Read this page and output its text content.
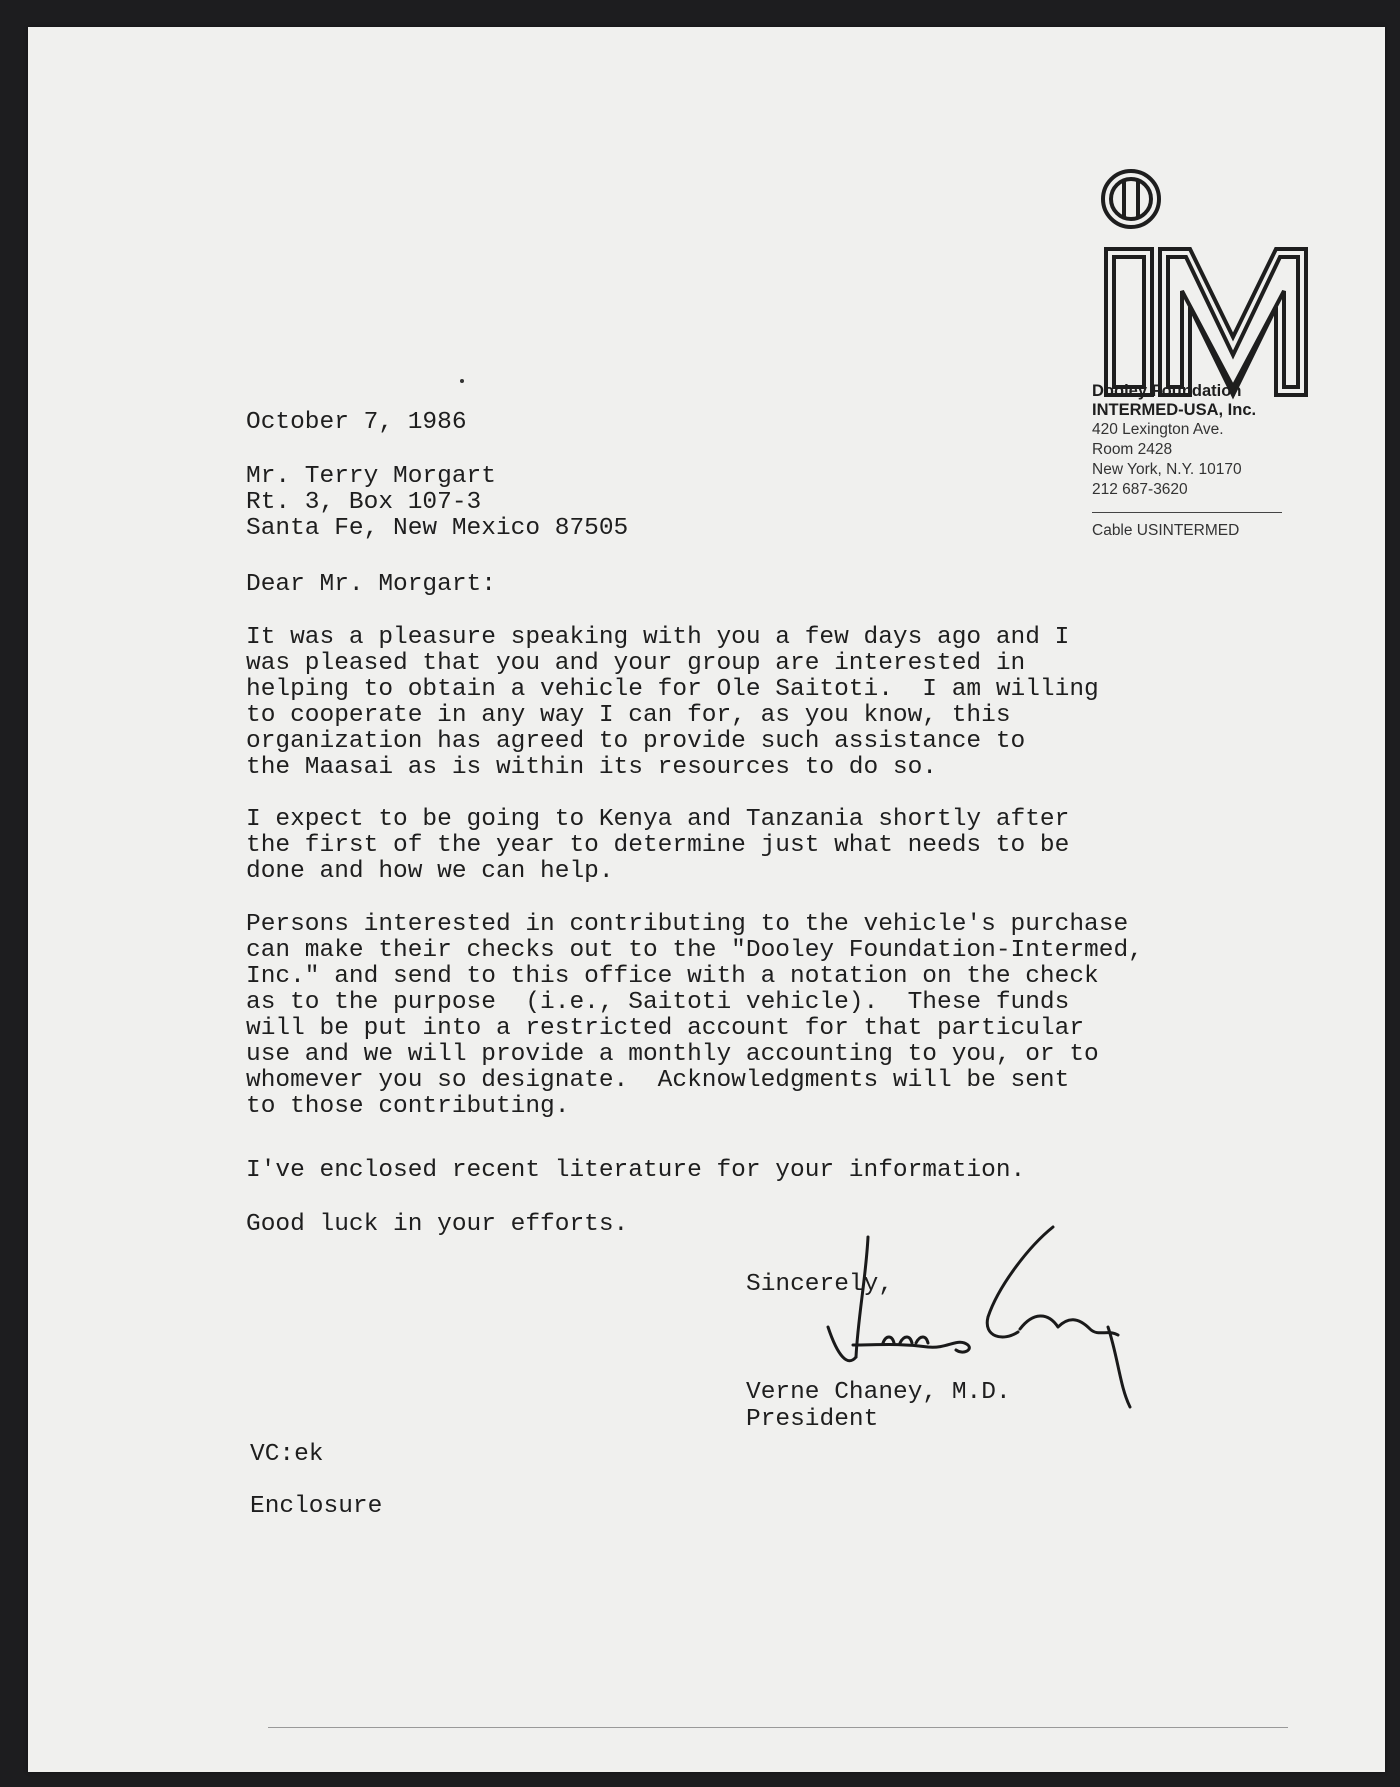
Dooley Foundation
INTERMED-USA, Inc.
420 Lexington Ave.
Room 2428
New York, N.Y. 10170
212 687-3620
Cable USINTERMED

October 7, 1986

Mr. Terry Morgart

Rt. 3, Box 107-3

Santa Fe, New Mexico 87505

Dear Mr. Morgart:

It was a pleasure speaking with you a few days ago and I
was pleased that you and your group are interested in
helping to obtain a vehicle for Ole Saitoti.  I am willing
to cooperate in any way I can for, as you know, this
organization has agreed to provide such assistance to
the Maasai as is within its resources to do so.

I expect to be going to Kenya and Tanzania shortly after
the first of the year to determine just what needs to be
done and how we can help.

Persons interested in contributing to the vehicle's purchase
can make their checks out to the "Dooley Foundation-Intermed,
Inc." and send to this office with a notation on the check
as to the purpose  (i.e., Saitoti vehicle).  These funds
will be put into a restricted account for that particular
use and we will provide a monthly accounting to you, or to
whomever you so designate.  Acknowledgments will be sent
to those contributing.

I've enclosed recent literature for your information.

Good luck in your efforts.

Sincerely,

Verne Chaney, M.D.

President

VC:ek

Enclosure
